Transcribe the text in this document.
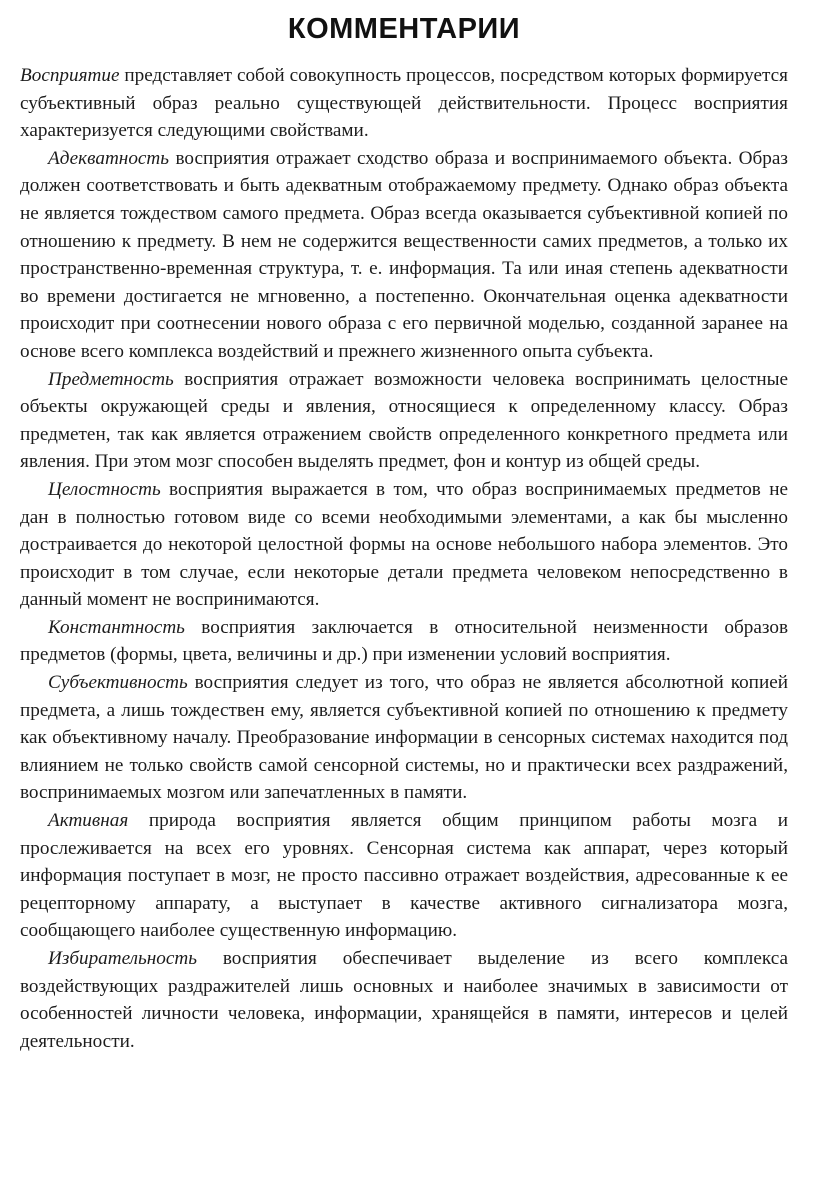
КОММЕНТАРИИ

Восприятие представляет собой совокупность процессов, посредством которых формируется субъективный образ реально существующей действительности. Процесс восприятия характеризуется следующими свойствами.

Адекватность восприятия отражает сходство образа и воспринимаемого объекта. Образ должен соответствовать и быть адекватным отображаемому предмету. Однако образ объекта не является тождеством самого предмета. Образ всегда оказывается субъективной копией по отношению к предмету. В нем не содержится вещественности самих предметов, а только их пространственно-временная структура, т. е. информация. Та или иная степень адекватности во времени достигается не мгновенно, а постепенно. Окончательная оценка адекватности происходит при соотнесении нового образа с его первичной моделью, созданной заранее на основе всего комплекса воздействий и прежнего жизненного опыта субъекта.

Предметность восприятия отражает возможности человека воспринимать целостные объекты окружающей среды и явления, относящиеся к определенному классу. Образ предметен, так как является отражением свойств определенного конкретного предмета или явления. При этом мозг способен выделять предмет, фон и контур из общей среды.

Целостность восприятия выражается в том, что образ воспринимаемых предметов не дан в полностью готовом виде со всеми необходимыми элементами, а как бы мысленно достраивается до некоторой целостной формы на основе небольшого набора элементов. Это происходит в том случае, если некоторые детали предмета человеком непосредственно в данный момент не воспринимаются.

Константность восприятия заключается в относительной неизменности образов предметов (формы, цвета, величины и др.) при изменении условий восприятия.

Субъективность восприятия следует из того, что образ не является абсолютной копией предмета, а лишь тождествен ему, является субъективной копией по отношению к предмету как объективному началу. Преобразование информации в сенсорных системах находится под влиянием не только свойств самой сенсорной системы, но и практически всех раздражений, воспринимаемых мозгом или запечатленных в памяти.

Активная природа восприятия является общим принципом работы мозга и прослеживается на всех его уровнях. Сенсорная система как аппарат, через который информация поступает в мозг, не просто пассивно отражает воздействия, адресованные к ее рецепторному аппарату, а выступает в качестве активного сигнализатора мозга, сообщающего наиболее существенную информацию.

Избирательность восприятия обеспечивает выделение из всего комплекса воздействующих раздражителей лишь основных и наиболее значимых в зависимости от особенностей личности человека, информации, хранящейся в памяти, интересов и целей деятельности.
